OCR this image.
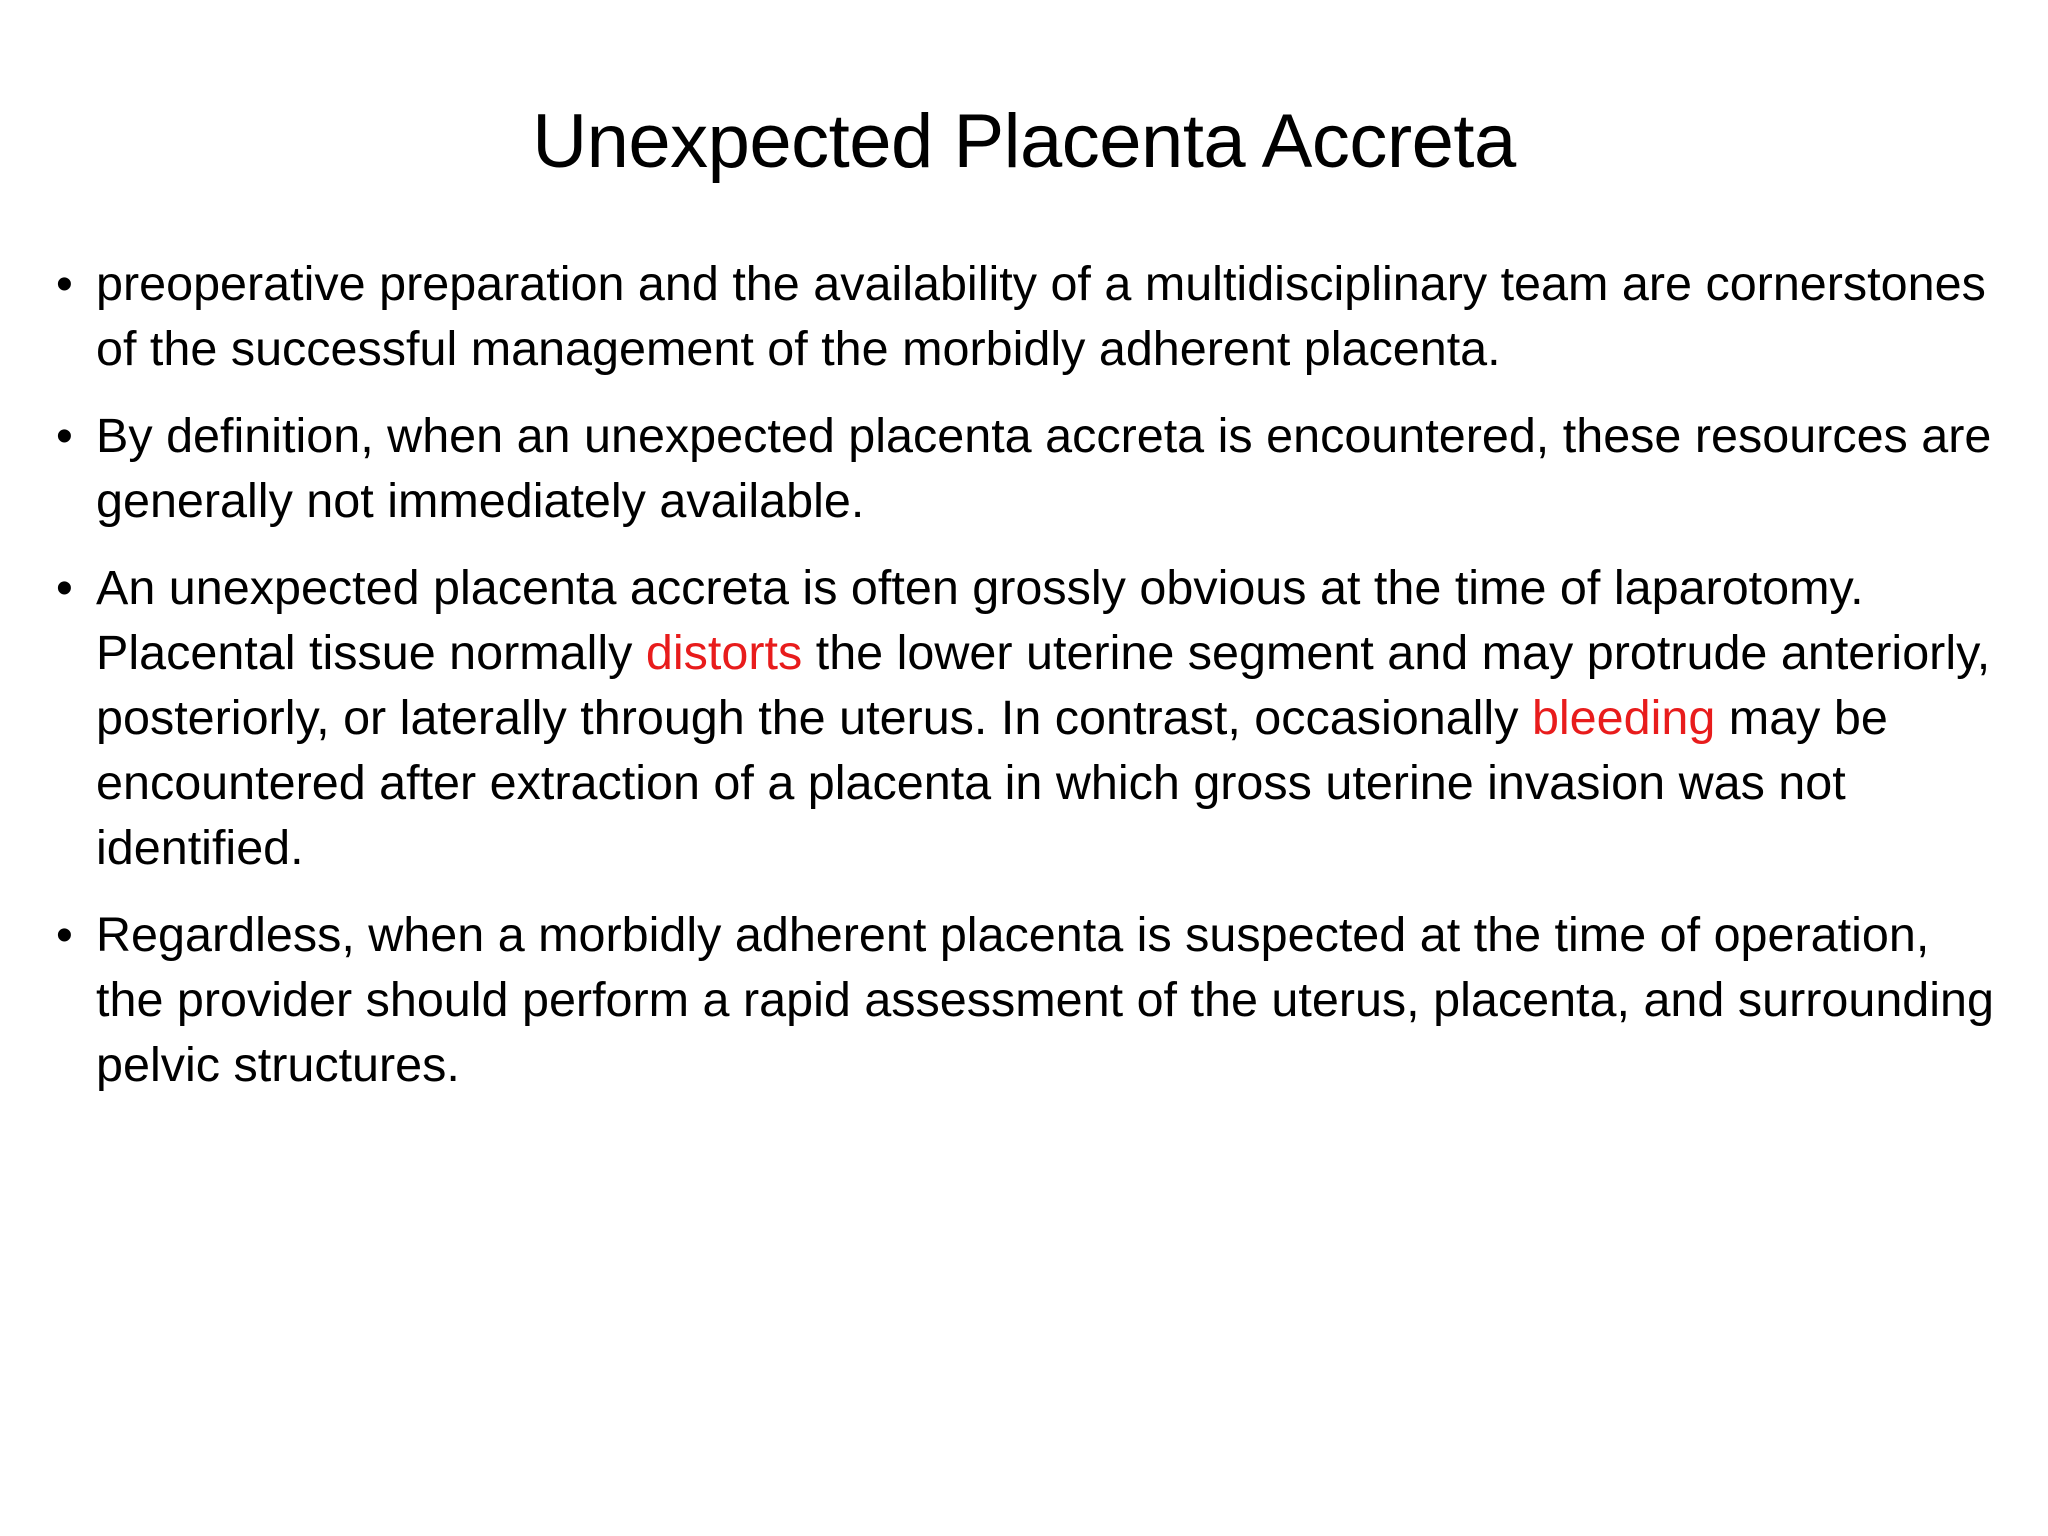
Unexpected Placenta Accreta
• preoperative preparation and the availability of a multidisciplinary team are cornerstones of the successful management of the morbidly adherent placenta.
• By definition, when an unexpected placenta accreta is encountered, these resources are generally not immediately available.
• An unexpected placenta accreta is often grossly obvious at the time of laparotomy. Placental tissue normally distorts the lower uterine segment and may protrude anteriorly, posteriorly, or laterally through the uterus. In contrast, occasionally bleeding may be encountered after extraction of a placenta in which gross uterine invasion was not identified.
• Regardless, when a morbidly adherent placenta is suspected at the time of operation, the provider should perform a rapid assessment of the uterus, placenta, and surrounding pelvic structures.
